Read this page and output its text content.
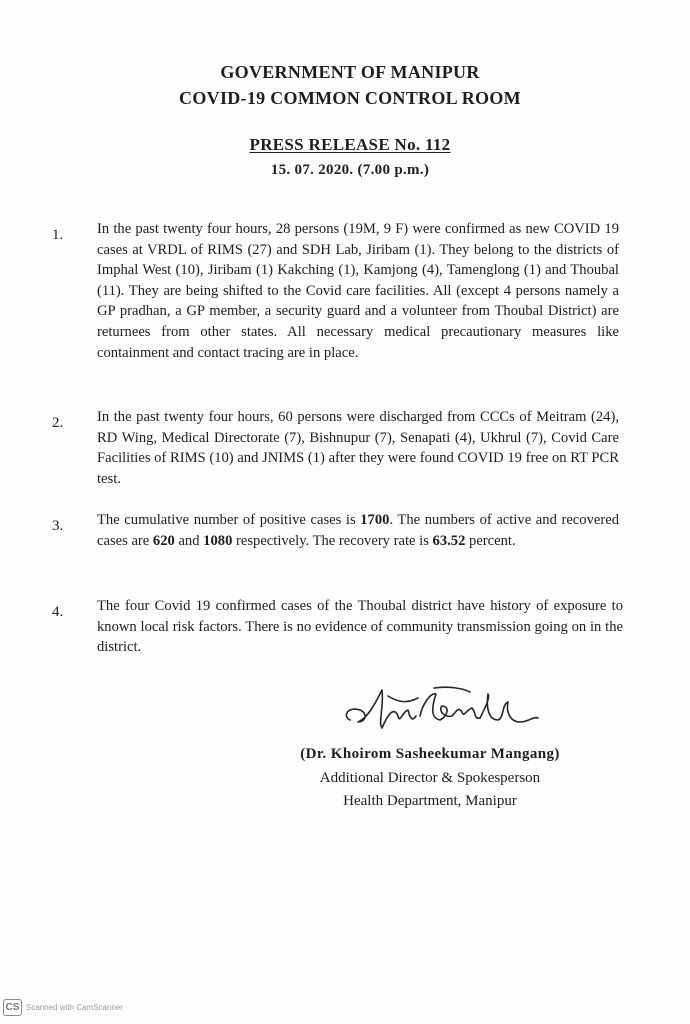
GOVERNMENT OF MANIPUR
COVID-19 COMMON CONTROL ROOM
PRESS RELEASE No. 112
15. 07. 2020. (7.00 p.m.)
1. In the past twenty four hours, 28 persons (19M, 9 F) were confirmed as new COVID 19 cases at VRDL of RIMS (27) and SDH Lab, Jiribam (1). They belong to the districts of Imphal West (10), Jiribam (1) Kakching (1), Kamjong (4), Tamenglong (1) and Thoubal (11). They are being shifted to the Covid care facilities. All (except 4 persons namely a GP pradhan, a GP member, a security guard and a volunteer from Thoubal District) are returnees from other states. All necessary medical precautionary measures like containment and contact tracing are in place.
2. In the past twenty four hours, 60 persons were discharged from CCCs of Meitram (24), RD Wing, Medical Directorate (7), Bishnupur (7), Senapati (4), Ukhrul (7), Covid Care Facilities of RIMS (10) and JNIMS (1) after they were found COVID 19 free on RT PCR test.
3. The cumulative number of positive cases is 1700. The numbers of active and recovered cases are 620 and 1080 respectively. The recovery rate is 63.52 percent.
4. The four Covid 19 confirmed cases of the Thoubal district have history of exposure to known local risk factors. There is no evidence of community transmission going on in the district.
(Dr. Khoirom Sasheekumar Mangang)
Additional Director & Spokesperson
Health Department, Manipur
CS Scanned with CamScanner
